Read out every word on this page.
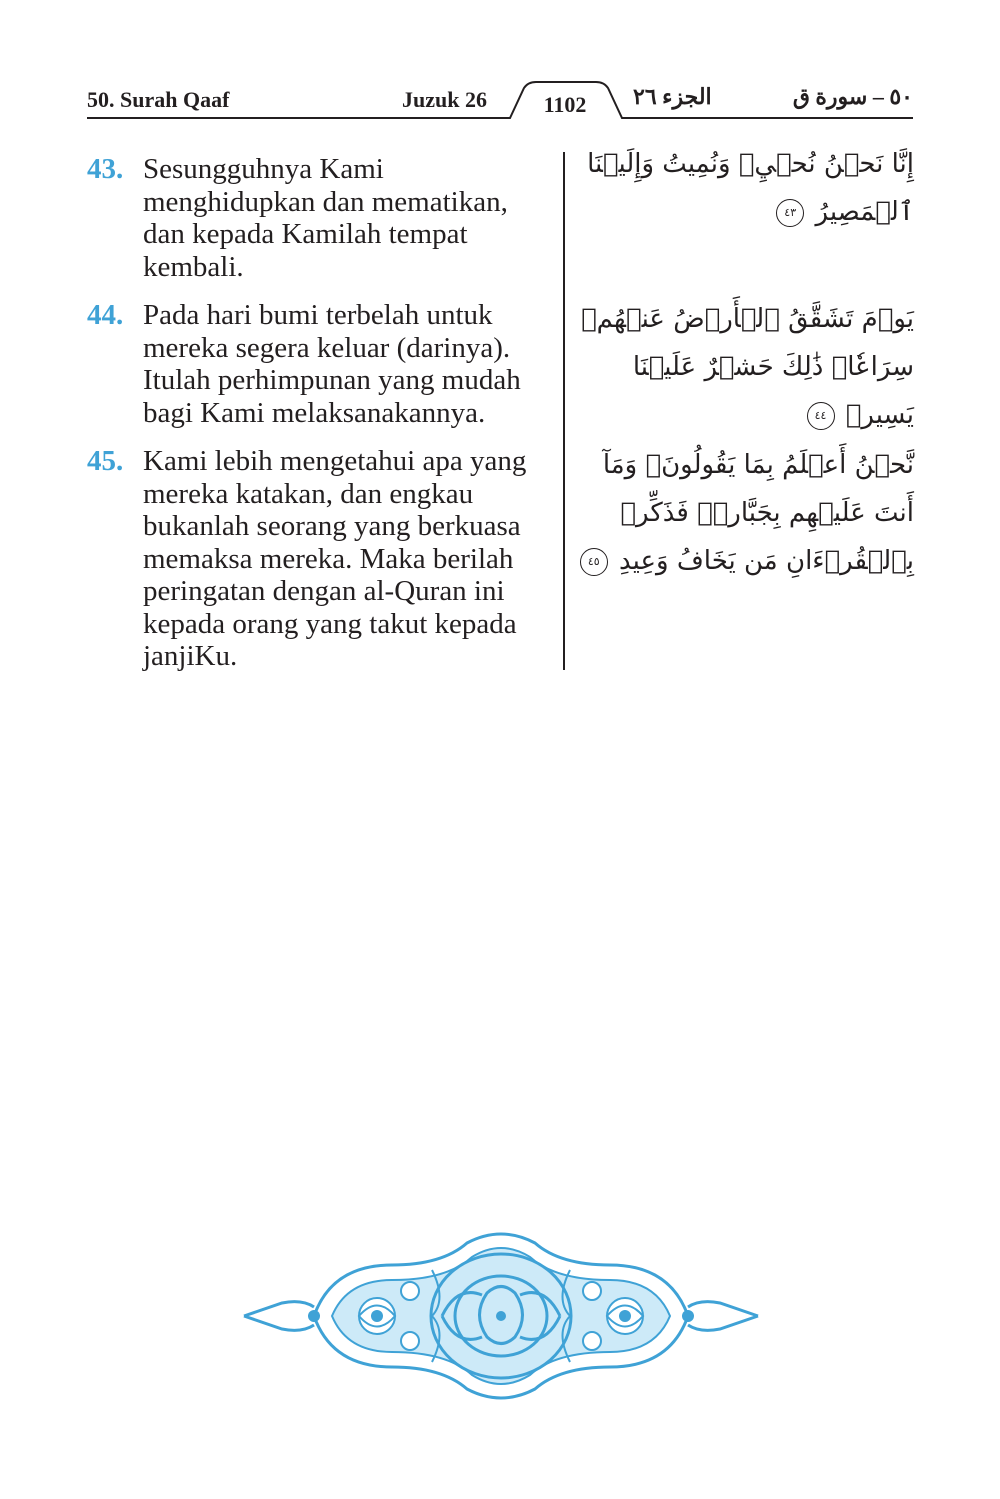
50. Surah Qaaf	Juzuk 26	1102	الجزء ٢٦	٥٠ – سورة ق
43. Sesungguhnya Kami menghidupkan dan mematikan, dan kepada Kamilah tempat kembali.
إِنَّا نَحۡنُ نُحۡيِۦ وَنُمِيتُ وَإِلَيۡنَا ٱلۡمَصِيرُ ٤٣
44. Pada hari bumi terbelah untuk mereka segera keluar (darinya). Itulah perhimpunan yang mudah bagi Kami melaksanakannya.
يَوۡمَ تَشَقَّقُ ٱلۡأَرۡضُ عَنۡهُمۡ سِرَاعٗاۚ ذَٰلِكَ حَشۡرٌ عَلَيۡنَا يَسِيرٞ ٤٤
45. Kami lebih mengetahui apa yang mereka katakan, dan engkau bukanlah seorang yang berkuasa memaksa mereka. Maka berilah peringatan dengan al-Quran ini kepada orang yang takut kepada janjiKu.
نَّحۡنُ أَعۡلَمُ بِمَا يَقُولُونَۖ وَمَآ أَنتَ عَلَيۡهِم بِجَبَّارٖۖ فَذَكِّرۡ بِٱلۡقُرۡءَانِ مَن يَخَافُ وَعِيدِ ٤٥
